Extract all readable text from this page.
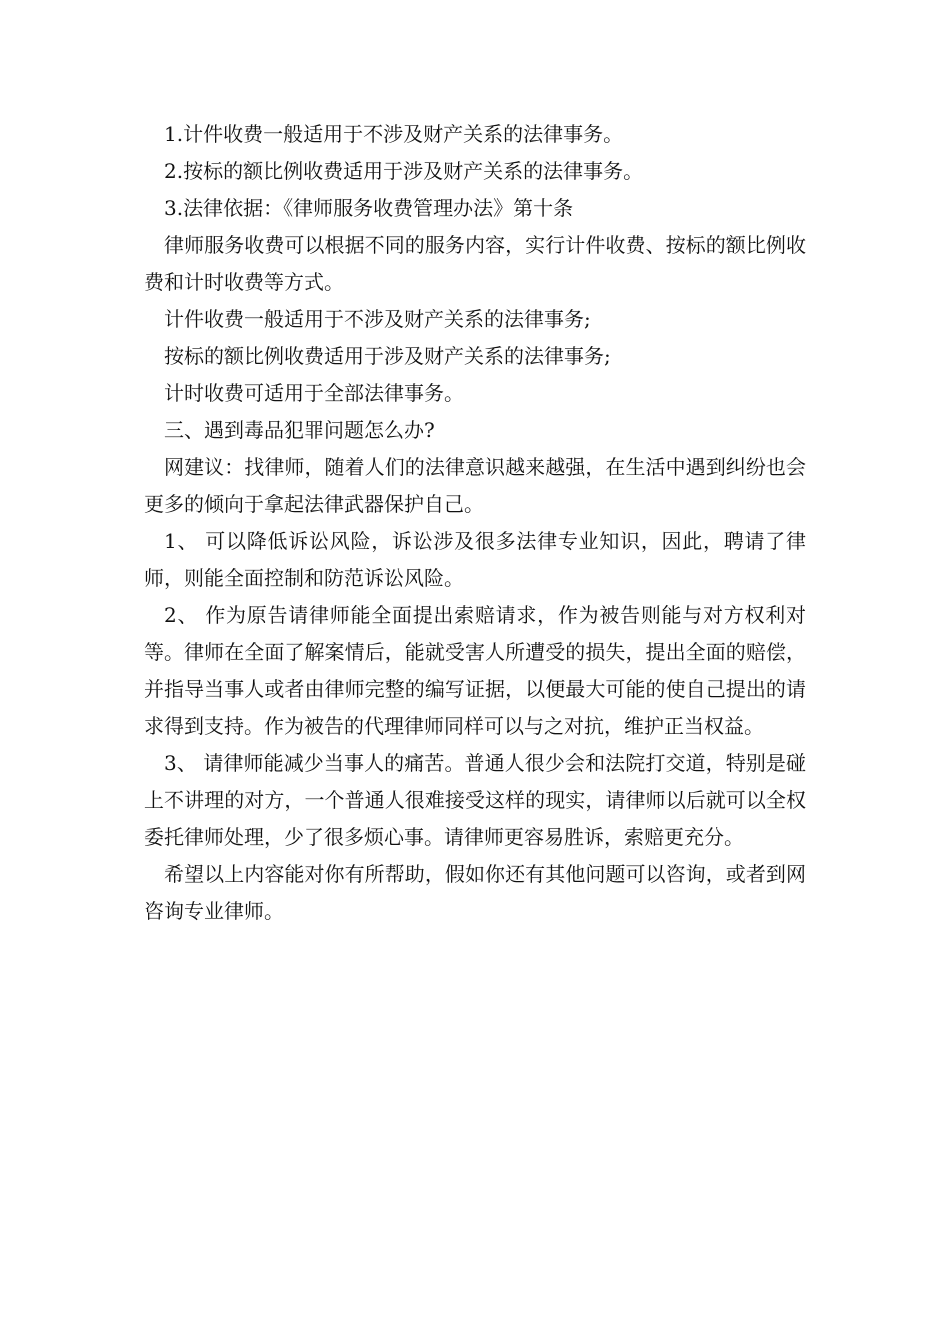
1.计件收费一般适用于不涉及财产关系的法律事务。

2.按标的额比例收费适用于涉及财产关系的法律事务。

3.法律依据：《律师服务收费管理办法》第十条

律师服务收费可以根据不同的服务内容，实行计件收费、按标的额比例收费和计时收费等方式。

计件收费一般适用于不涉及财产关系的法律事务;

按标的额比例收费适用于涉及财产关系的法律事务;

计时收费可适用于全部法律事务。

三、遇到毒品犯罪问题怎么办?

网建议：找律师，随着人们的法律意识越来越强，在生活中遇到纠纷也会更多的倾向于拿起法律武器保护自己。

1、 可以降低诉讼风险，诉讼涉及很多法律专业知识，因此，聘请了律师，则能全面控制和防范诉讼风险。

2、 作为原告请律师能全面提出索赔请求，作为被告则能与对方权利对等。律师在全面了解案情后，能就受害人所遭受的损失，提出全面的赔偿，并指导当事人或者由律师完整的编写证据，以便最大可能的使自己提出的请求得到支持。作为被告的代理律师同样可以与之对抗，维护正当权益。

3、 请律师能减少当事人的痛苦。普通人很少会和法院打交道，特别是碰上不讲理的对方，一个普通人很难接受这样的现实，请律师以后就可以全权委托律师处理，少了很多烦心事。请律师更容易胜诉，索赔更充分。

希望以上内容能对你有所帮助，假如你还有其他问题可以咨询，或者到网咨询专业律师。
